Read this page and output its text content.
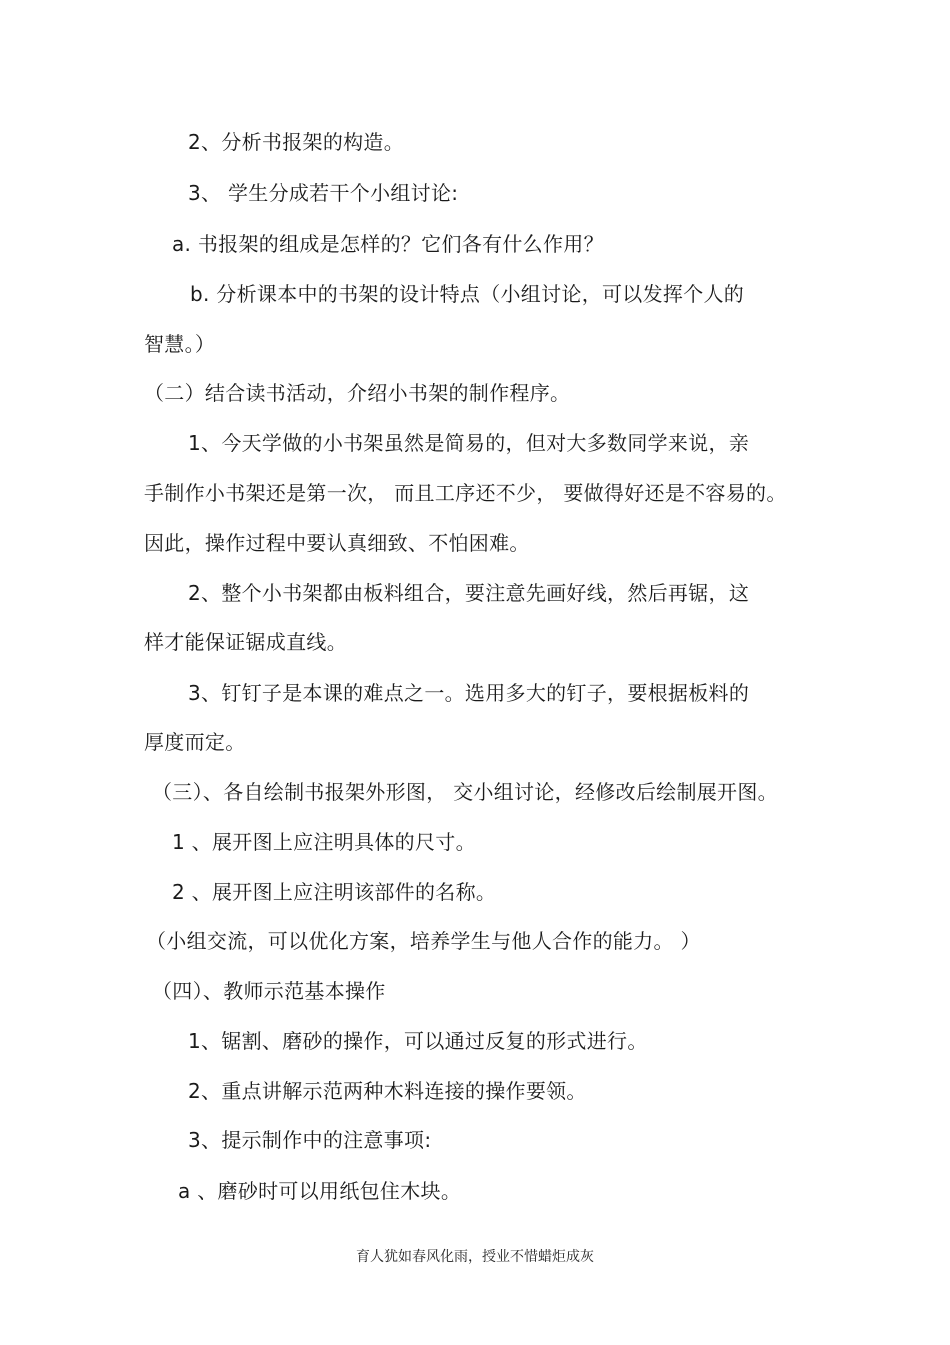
2、分析书报架的构造。
3、 学生分成若干个小组讨论:
a. 书报架的组成是怎样的？它们各有什么作用？
b. 分析课本中的书架的设计特点（小组讨论，可以发挥个人的
智慧。）
（二）结合读书活动，介绍小书架的制作程序。
1、今天学做的小书架虽然是简易的，但对大多数同学来说，亲
手制作小书架还是第一次， 而且工序还不少， 要做得好还是不容易的。
因此，操作过程中要认真细致、不怕困难。
2、整个小书架都由板料组合，要注意先画好线，然后再锯，这
样才能保证锯成直线。
3、钉钉子是本课的难点之一。选用多大的钉子，要根据板料的
厚度而定。
（三）、各自绘制书报架外形图， 交小组讨论，经修改后绘制展开图。
1 、展开图上应注明具体的尺寸。
2 、展开图上应注明该部件的名称。
（小组交流，可以优化方案，培养学生与他人合作的能力。 ）
（四）、教师示范基本操作
1、锯割、磨砂的操作，可以通过反复的形式进行。
2、重点讲解示范两种木料连接的操作要领。
3、提示制作中的注意事项:
a 、磨砂时可以用纸包住木块。
育人犹如春风化雨，授业不惜蜡炬成灰
